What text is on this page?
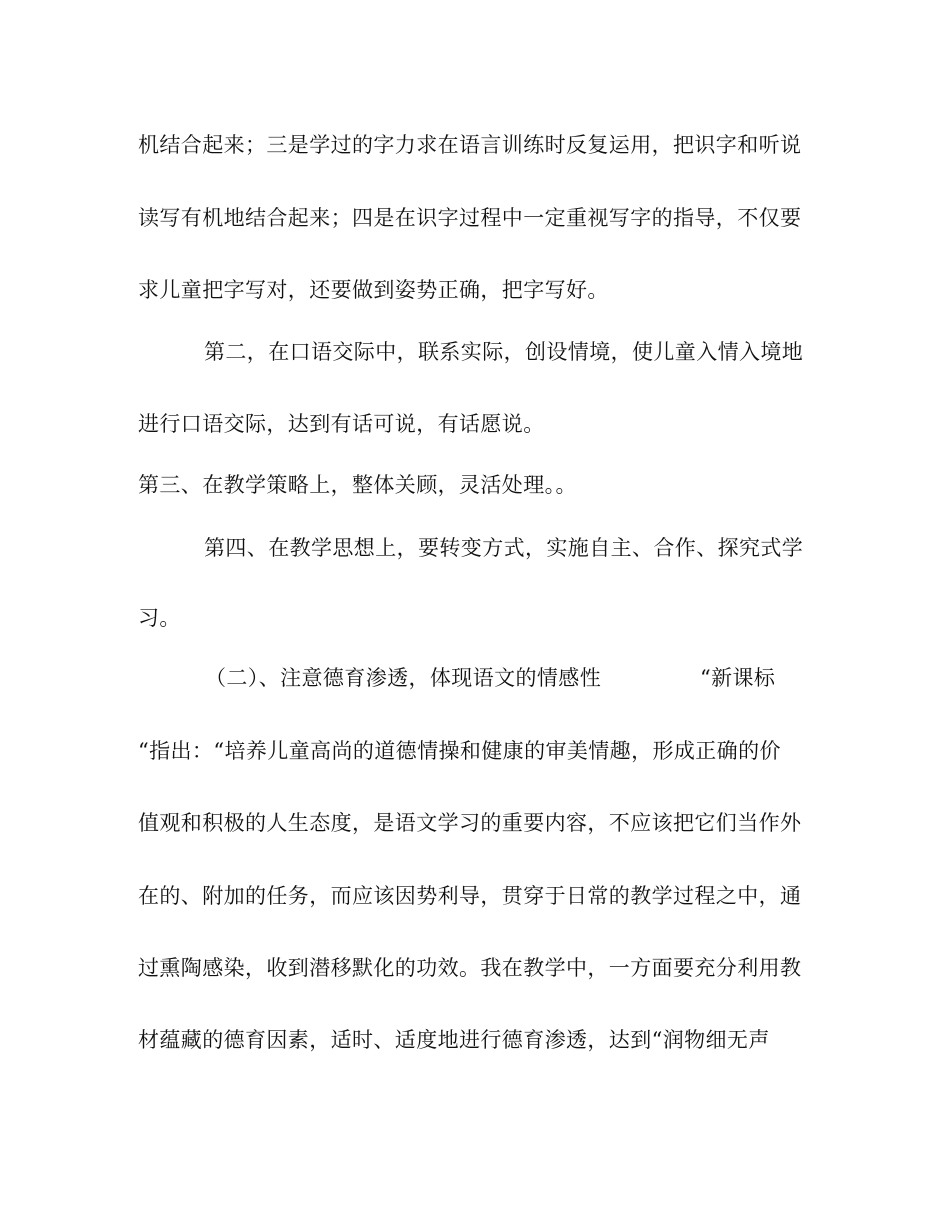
机结合起来；三是学过的字力求在语言训练时反复运用，把识字和听说
读写有机地结合起来；四是在识字过程中一定重视写字的指导，不仅要
求儿童把字写对，还要做到姿势正确，把字写好。
第二，在口语交际中，联系实际，创设情境，使儿童入情入境地
进行口语交际，达到有话可说，有话愿说。
第三、在教学策略上，整体关顾，灵活处理。。
第四、在教学思想上，要转变方式，实施自主、合作、探究式学
习。
（二）、注意德育渗透，体现语文的情感性	“新课标
“指出：“培养儿童高尚的道德情操和健康的审美情趣，形成正确的价
值观和积极的人生态度，是语文学习的重要内容，不应该把它们当作外
在的、附加的任务，而应该因势利导，贯穿于日常的教学过程之中，通
过熏陶感染，收到潜移默化的功效。我在教学中，一方面要充分利用教
材蕴藏的德育因素，适时、适度地进行德育渗透，达到“润物细无声
